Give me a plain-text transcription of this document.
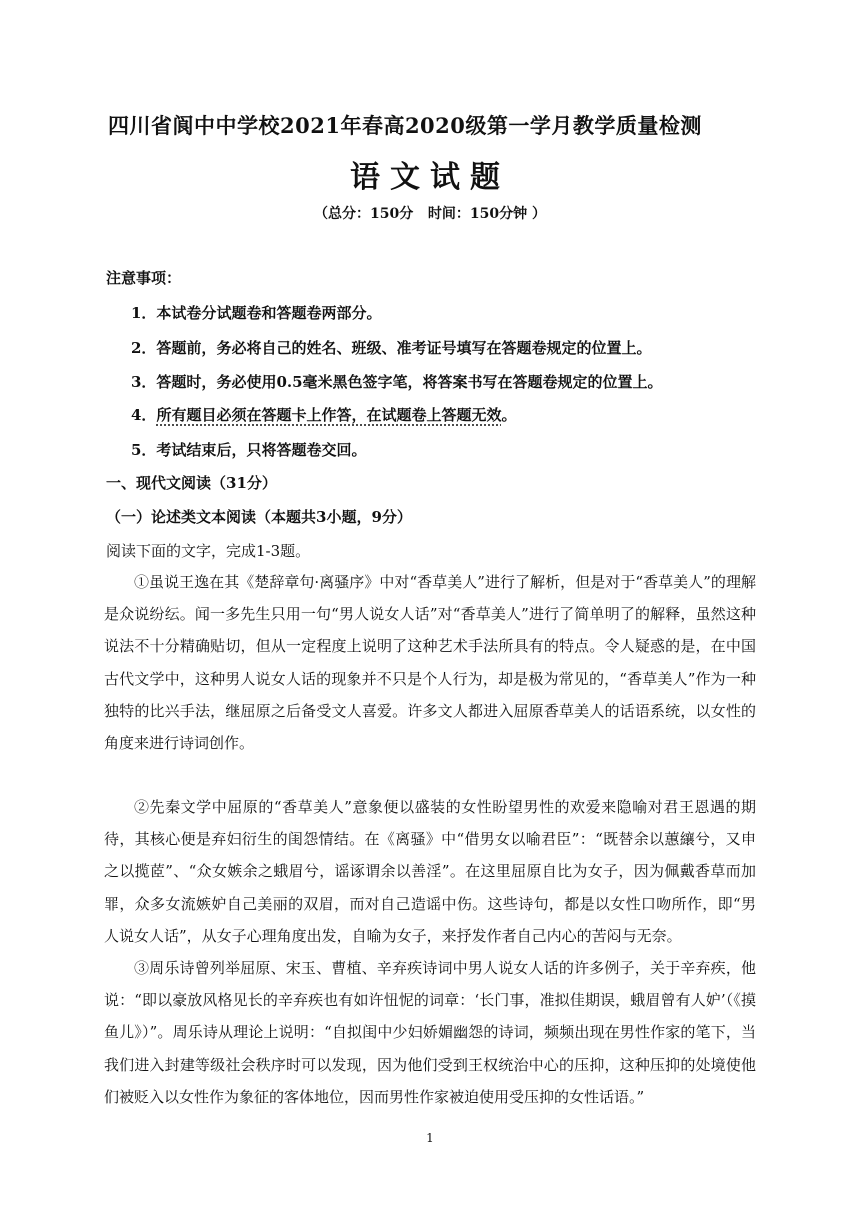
四川省阆中中学校2021年春高2020级第一学月教学质量检测
语文试题
（总分：150分   时间：150分钟 ）
注意事项：
1．本试卷分试题卷和答题卷两部分。
2．答题前，务必将自己的姓名、班级、准考证号填写在答题卷规定的位置上。
3．答题时，务必使用0.5毫米黑色签字笔，将答案书写在答题卷规定的位置上。
4．所有题目必须在答题卡上作答，在试题卷上答题无效。
5．考试结束后，只将答题卷交回。
一、现代文阅读（31分）
（一）论述类文本阅读（本题共3小题，9分）
阅读下面的文字，完成1-3题。
①虽说王逸在其《楚辞章句·离骚序》中对“香草美人”进行了解析，但是对于“香草美人”的理解是众说纷纭。闻一多先生只用一句“男人说女人话”对“香草美人”进行了简单明了的解释，虽然这种说法不十分精确贴切，但从一定程度上说明了这种艺术手法所具有的特点。令人疑惑的是，在中国古代文学中，这种男人说女人话的现象并不只是个人行为，却是极为常见的，“香草美人”作为一种独特的比兴手法，继屈原之后备受文人喜爱。许多文人都进入屈原香草美人的话语系统，以女性的角度来进行诗词创作。
②先秦文学中屈原的“香草美人”意象便以盛装的女性盼望男性的欢爱来隐喻对君王恩遇的期待，其核心便是弃妇衍生的闺怨情结。在《离骚》中“借男女以喻君臣”：“既替余以蕙纕兮，又申之以揽茝”、“众女嫉余之蛾眉兮，谣诼谓余以善淫”。在这里屈原自比为女子，因为佩戴香草而加罪，众多女流嫉妒自己美丽的双眉，而对自己造谣中伤。这些诗句，都是以女性口吻所作，即“男人说女人话”，从女子心理角度出发，自喻为女子，来抒发作者自己内心的苦闷与无奈。
③周乐诗曾列举屈原、宋玉、曹植、辛弃疾诗词中男人说女人话的许多例子，关于辛弃疾，他说：“即以豪放风格见长的辛弃疾也有如许忸怩的词章：‘长门事，准拟佳期误，蛾眉曾有人妒’（《摸鱼儿》）”。周乐诗从理论上说明：“自拟闺中少妇娇媚幽怨的诗词，频频出现在男性作家的笔下，当我们进入封建等级社会秩序时可以发现，因为他们受到王权统治中心的压抑，这种压抑的处境使他们被贬入以女性作为象征的客体地位，因而男性作家被迫使用受压抑的女性话语。”
1
